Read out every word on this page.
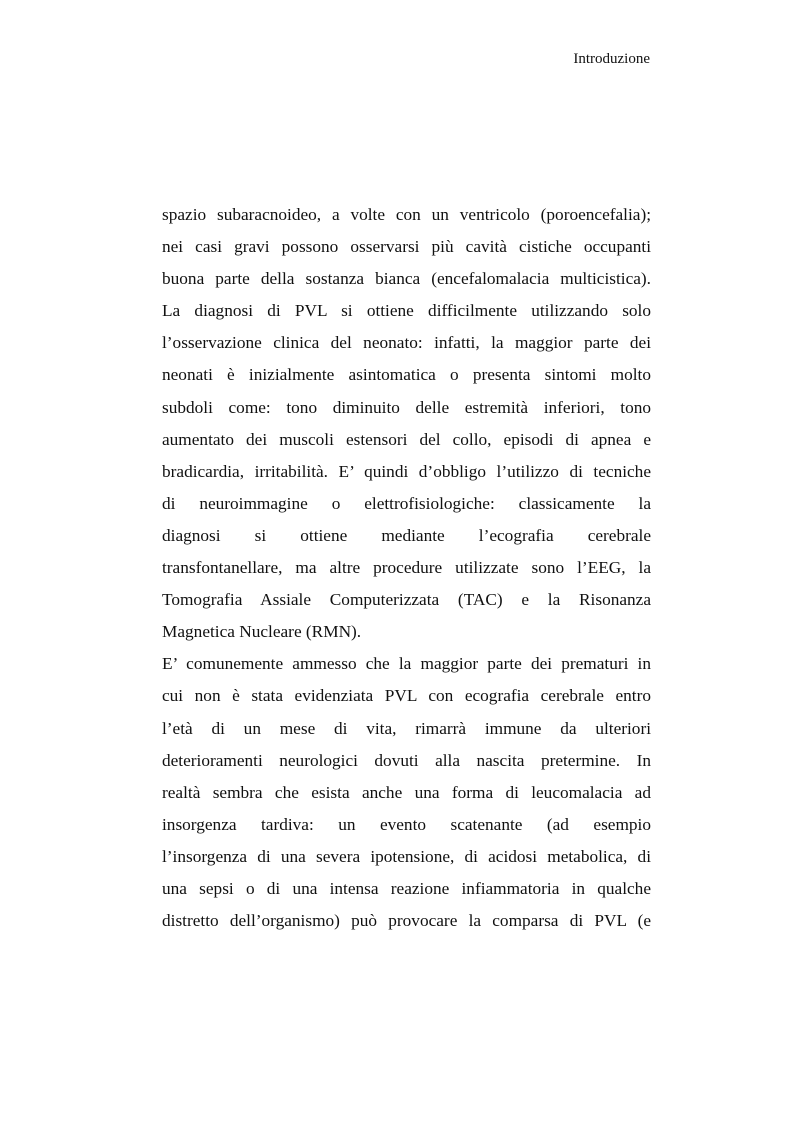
Introduzione
spazio subaracnoideo, a volte con un ventricolo (poroencefalia);
nei casi gravi possono osservarsi più cavità cistiche occupanti
buona parte della sostanza bianca (encefalomalacia multicistica).
La diagnosi di PVL si ottiene difficilmente utilizzando solo
l’osservazione clinica del neonato: infatti, la maggior parte dei
neonati è inizialmente asintomatica o presenta sintomi molto
subdoli come: tono diminuito delle estremità inferiori, tono
aumentato dei muscoli estensori del collo, episodi di apnea e
bradicardia, irritabilità. E’ quindi d’obbligo l’utilizzo di tecniche
di neuroimmagine o elettrofisiologiche: classicamente la
diagnosi si ottiene mediante l’ecografia cerebrale
transfontanellare, ma altre procedure utilizzate sono l’EEG, la
Tomografia Assiale Computerizzata (TAC) e la Risonanza
Magnetica Nucleare (RMN).
E’ comunemente ammesso che la maggior parte dei prematuri in
cui non è stata evidenziata PVL con ecografia cerebrale entro
l’età di un mese di vita, rimarrà immune da ulteriori
deterioramenti neurologici dovuti alla nascita pretermine. In
realtà sembra che esista anche una forma di leucomalacia ad
insorgenza tardiva: un evento scatenante (ad esempio
l’insorgenza di una severa ipotensione, di acidosi metabolica, di
una sepsi o di una intensa reazione infiammatoria in qualche
distretto dell’organismo) può provocare la comparsa di PVL (e
